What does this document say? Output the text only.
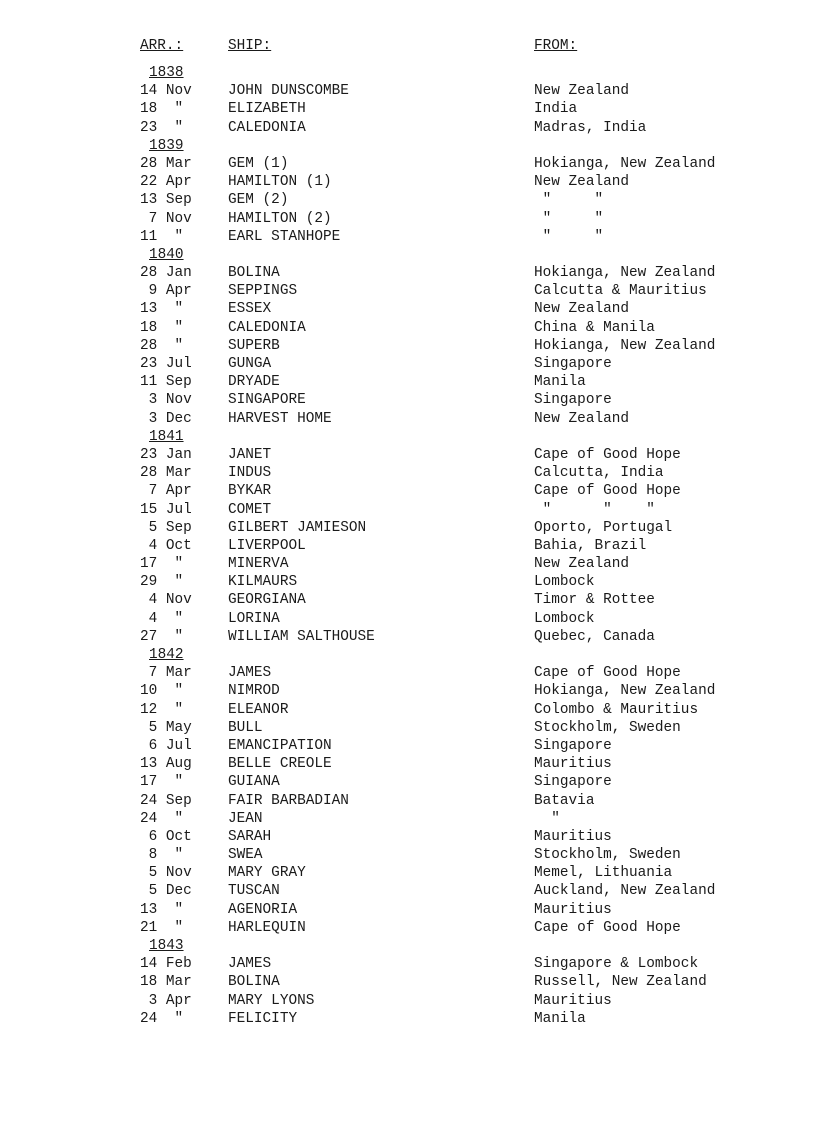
ARR.:	SHIP:	FROM:
1838
14 Nov	JOHN DUNSCOMBE	New Zealand
18  "	ELIZABETH	India
23  "	CALEDONIA	Madras, India
1839
28 Mar	GEM (1)	Hokianga, New Zealand
22 Apr	HAMILTON (1)	New Zealand
13 Sep	GEM (2)	"     "
7 Nov	HAMILTON (2)	"     "
11  "	EARL STANHOPE	"     "
1840
28 Jan	BOLINA	Hokianga, New Zealand
9 Apr	SEPPINGS	Calcutta & Mauritius
13  "	ESSEX	New Zealand
18  "	CALEDONIA	China & Manila
28  "	SUPERB	Hokianga, New Zealand
23 Jul	GUNGA	Singapore
11 Sep	DRYADE	Manila
3 Nov	SINGAPORE	Singapore
3 Dec	HARVEST HOME	New Zealand
1841
23 Jan	JANET	Cape of Good Hope
28 Mar	INDUS	Calcutta, India
7 Apr	BYKAR	Cape of Good Hope
15 Jul	COMET	"      "    "
5 Sep	GILBERT JAMIESON	Oporto, Portugal
4 Oct	LIVERPOOL	Bahia, Brazil
17  "	MINERVA	New Zealand
29  "	KILMAURS	Lombock
4 Nov	GEORGIANA	Timor & Rottee
4  "	LORINA	Lombock
27  "	WILLIAM SALTHOUSE	Quebec, Canada
1842
7 Mar	JAMES	Cape of Good Hope
10  "	NIMROD	Hokianga, New Zealand
12  "	ELEANOR	Colombo & Mauritius
5 May	BULL	Stockholm, Sweden
6 Jul	EMANCIPATION	Singapore
13 Aug	BELLE CREOLE	Mauritius
17  "	GUIANA	Singapore
24 Sep	FAIR BARBADIAN	Batavia
24  "	JEAN	"
6 Oct	SARAH	Mauritius
8  "	SWEA	Stockholm, Sweden
5 Nov	MARY GRAY	Memel, Lithuania
5 Dec	TUSCAN	Auckland, New Zealand
13  "	AGENORIA	Mauritius
21  "	HARLEQUIN	Cape of Good Hope
1843
14 Feb	JAMES	Singapore & Lombock
18 Mar	BOLINA	Russell, New Zealand
3 Apr	MARY LYONS	Mauritius
24  "	FELICITY	Manila
